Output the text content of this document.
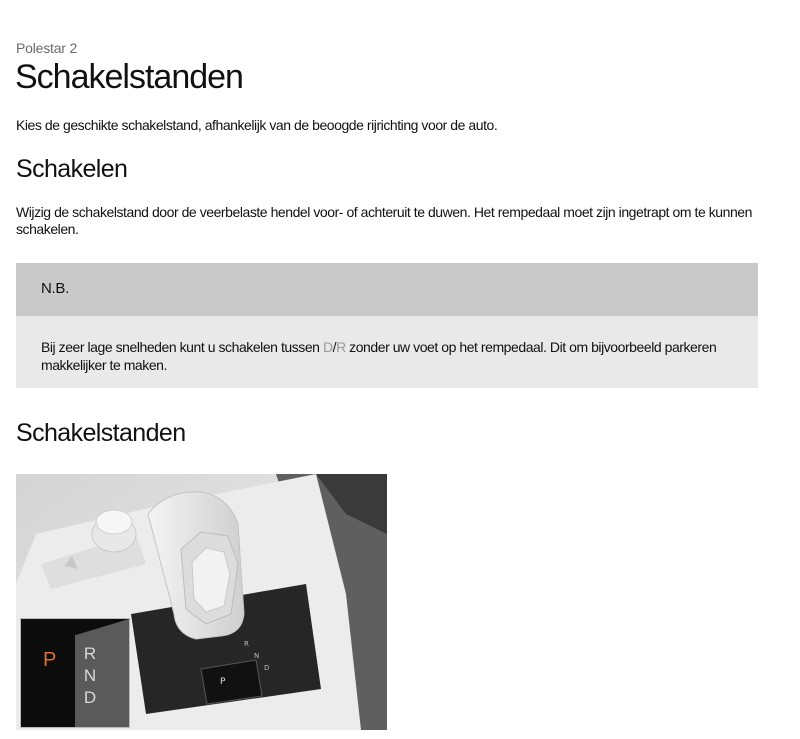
Polestar 2
Schakelstanden
Kies de geschikte schakelstand, afhankelijk van de beoogde rijrichting voor de auto.
Schakelen
Wijzig de schakelstand door de veerbelaste hendel voor- of achteruit te duwen. Het rempedaal moet zijn ingetrapt om te kunnen schakelen.
N.B.
Bij zeer lage snelheden kunt u schakelen tussen D/R zonder uw voet op het rempedaal. Dit om bijvoorbeeld parkeren makkelijker te maken.
Schakelstanden
P
R
N
D
P R
N
D
